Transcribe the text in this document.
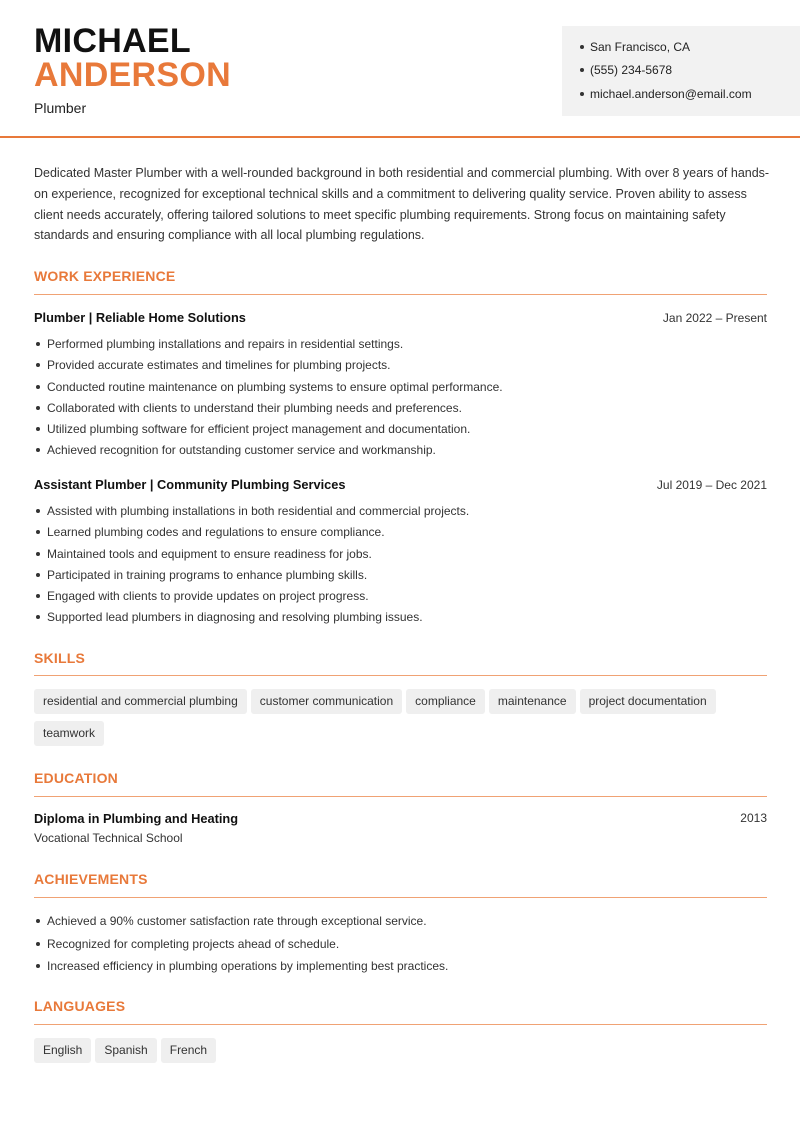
MICHAEL
ANDERSON
Plumber
San Francisco, CA
(555) 234-5678
michael.anderson@email.com
Dedicated Master Plumber with a well-rounded background in both residential and commercial plumbing. With over 8 years of hands-on experience, recognized for exceptional technical skills and a commitment to delivering quality service. Proven ability to assess client needs accurately, offering tailored solutions to meet specific plumbing requirements. Strong focus on maintaining safety standards and ensuring compliance with all local plumbing regulations.
WORK EXPERIENCE
Plumber | Reliable Home Solutions	Jan 2022 – Present
Performed plumbing installations and repairs in residential settings.
Provided accurate estimates and timelines for plumbing projects.
Conducted routine maintenance on plumbing systems to ensure optimal performance.
Collaborated with clients to understand their plumbing needs and preferences.
Utilized plumbing software for efficient project management and documentation.
Achieved recognition for outstanding customer service and workmanship.
Assistant Plumber | Community Plumbing Services	Jul 2019 – Dec 2021
Assisted with plumbing installations in both residential and commercial projects.
Learned plumbing codes and regulations to ensure compliance.
Maintained tools and equipment to ensure readiness for jobs.
Participated in training programs to enhance plumbing skills.
Engaged with clients to provide updates on project progress.
Supported lead plumbers in diagnosing and resolving plumbing issues.
SKILLS
residential and commercial plumbing customer communication compliance maintenance project documentationteamwork
EDUCATION
Diploma in Plumbing and Heating	2013
Vocational Technical School
ACHIEVEMENTS
Achieved a 90% customer satisfaction rate through exceptional service.
Recognized for completing projects ahead of schedule.
Increased efficiency in plumbing operations by implementing best practices.
LANGUAGES
English Spanish French
